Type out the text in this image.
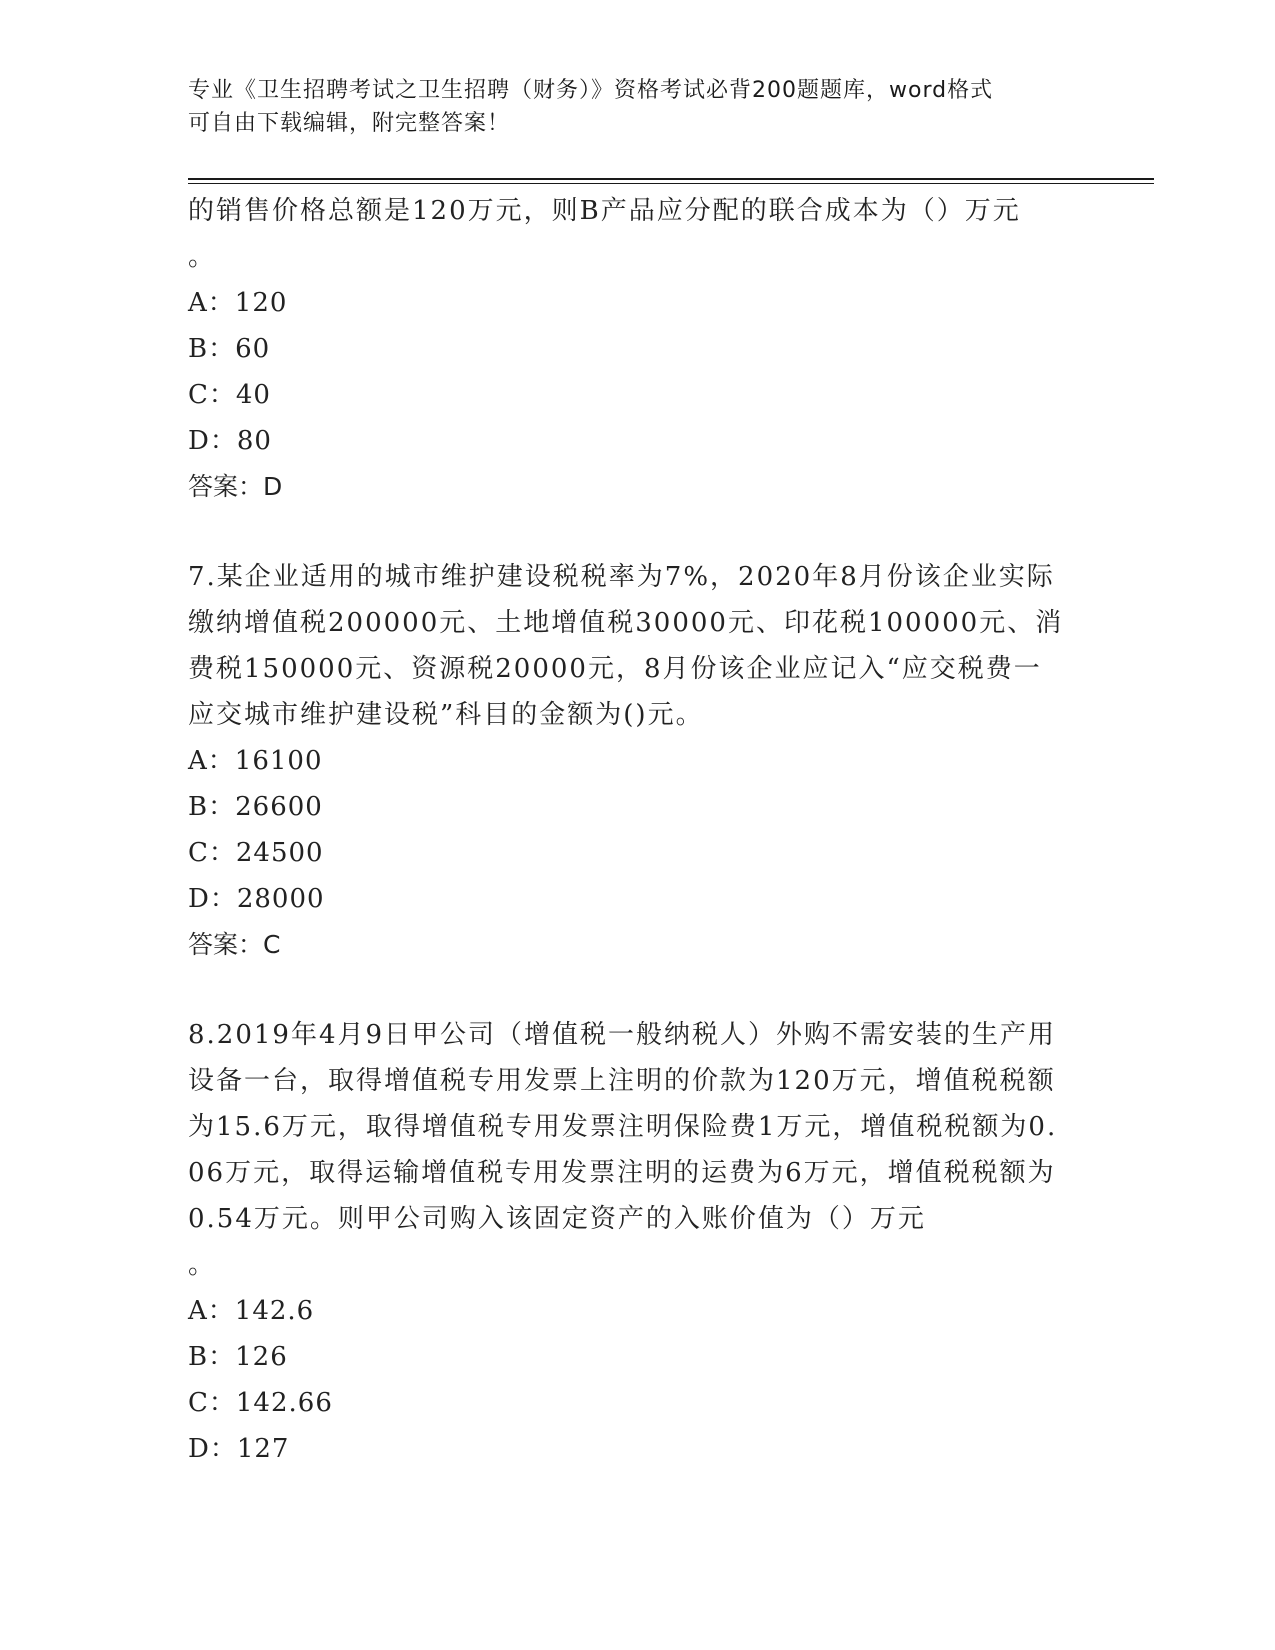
专业《卫生招聘考试之卫生招聘（财务）》资格考试必背200题题库，word格式
可自由下载编辑，附完整答案！

的销售价格总额是120万元，则B产品应分配的联合成本为（）万元

。

A：120

B：60

C：40

D：80

答案：D

7.某企业适用的城市维护建设税税率为7%，2020年8月份该企业实际缴纳增值税200000元、土地增值税30000元、印花税100000元、消费税150000元、资源税20000元，8月份该企业应记入“应交税费一应交城市维护建设税”科目的金额为()元。

A：16100

B：26600

C：24500

D：28000

答案：C

8.2019年4月9日甲公司（增值税一般纳税人）外购不需安装的生产用设备一台，取得增值税专用发票上注明的价款为120万元，增值税税额为15.6万元，取得增值税专用发票注明保险费1万元，增值税税额为0.06万元，取得运输增值税专用发票注明的运费为6万元，增值税税额为0.54万元。则甲公司购入该固定资产的入账价值为（）万元

。

A：142.6

B：126

C：142.66

D：127
